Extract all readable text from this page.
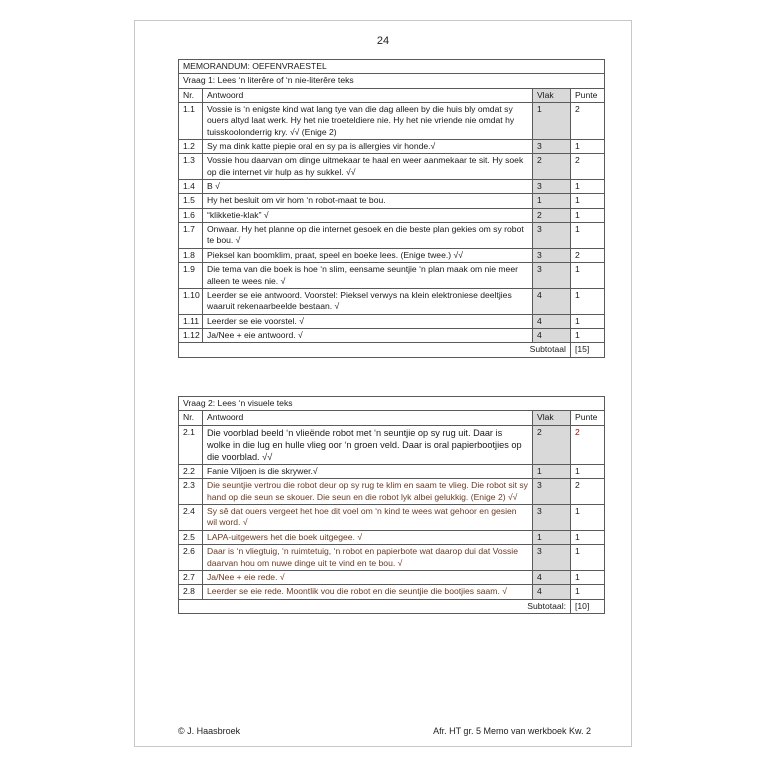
24
MEMORANDUM: OEFENVRAESTEL			
Vraag 1: Lees ‘n literêre of ‘n nie-literêre teks			
Nr.	Antwoord	Vlak	Punte
1.1	Vossie is ‘n enigste kind wat lang tye van die dag alleen by die huis bly omdat sy ouers altyd laat werk. Hy het nie troeteldiere nie. Hy het nie vriende nie omdat hy tuisskoolonderrig kry. √√ (Enige 2)	1	2
1.2	Sy ma dink katte piepie oral en sy pa is allergies vir honde.√	3	1
1.3	Vossie hou daarvan om dinge uitmekaar te haal en weer aanmekaar te sit. Hy soek op die internet vir hulp as hy sukkel. √√	2	2
1.4	B √	3	1
1.5	Hy het besluit om vir hom ‘n robot-maat te bou.	1	1
1.6	“klikketie-klak” √	2	1
1.7	Onwaar. Hy het planne op die internet gesoek en die beste plan gekies om sy robot te bou. √	3	1
1.8	Pieksel kan boomklim, praat, speel en boeke lees. (Enige twee.) √√	3	2
1.9	Die tema van die boek is hoe ‘n slim, eensame seuntjie ‘n plan maak om nie meer alleen te wees nie. √	3	1
1.10	Leerder se eie antwoord. Voorstel: Pieksel verwys na klein elektroniese deeltjies waaruit rekenaarbeelde bestaan. √	4	1
1.11	Leerder se eie voorstel. √	4	1
1.12	Ja/Nee + eie antwoord. √	4	1
Subtotaal			[15]
Vraag 2: Lees ‘n visuele teks			
Nr.	Antwoord	Vlak	Punte
2.1	Die voorblad beeld ‘n vlieënde robot met ‘n seuntjie op sy rug uit. Daar is wolke in die lug en hulle vlieg oor ‘n groen veld. Daar is oral papierbootjies op die voorblad. √√	2	2
2.2	Fanie Viljoen is die skrywer.√	1	1
2.3	Die seuntjie vertrou die robot deur op sy rug te klim en saam te vlieg. Die robot sit sy hand op die seun se skouer. Die seun en die robot lyk albei gelukkig. (Enige 2) √√	3	2
2.4	Sy sê dat ouers vergeet het hoe dit voel om ‘n kind te wees wat gehoor en gesien wil word. √	3	1
2.5	LAPA-uitgewers het die boek uitgegee. √	1	1
2.6	Daar is ‘n vliegtuig, ‘n ruimtetuig, ‘n robot en papierbote wat daarop dui dat Vossie daarvan hou om nuwe dinge uit te vind en te bou. √	3	1
2.7	Ja/Nee + eie rede. √	4	1
2.8	Leerder se eie rede. Moontlik vou die robot en die seuntjie die bootjies saam. √	4	1
Subtotaal:			[10]
© J. Haasbroek	Afr. HT gr. 5 Memo van werkboek Kw. 2
